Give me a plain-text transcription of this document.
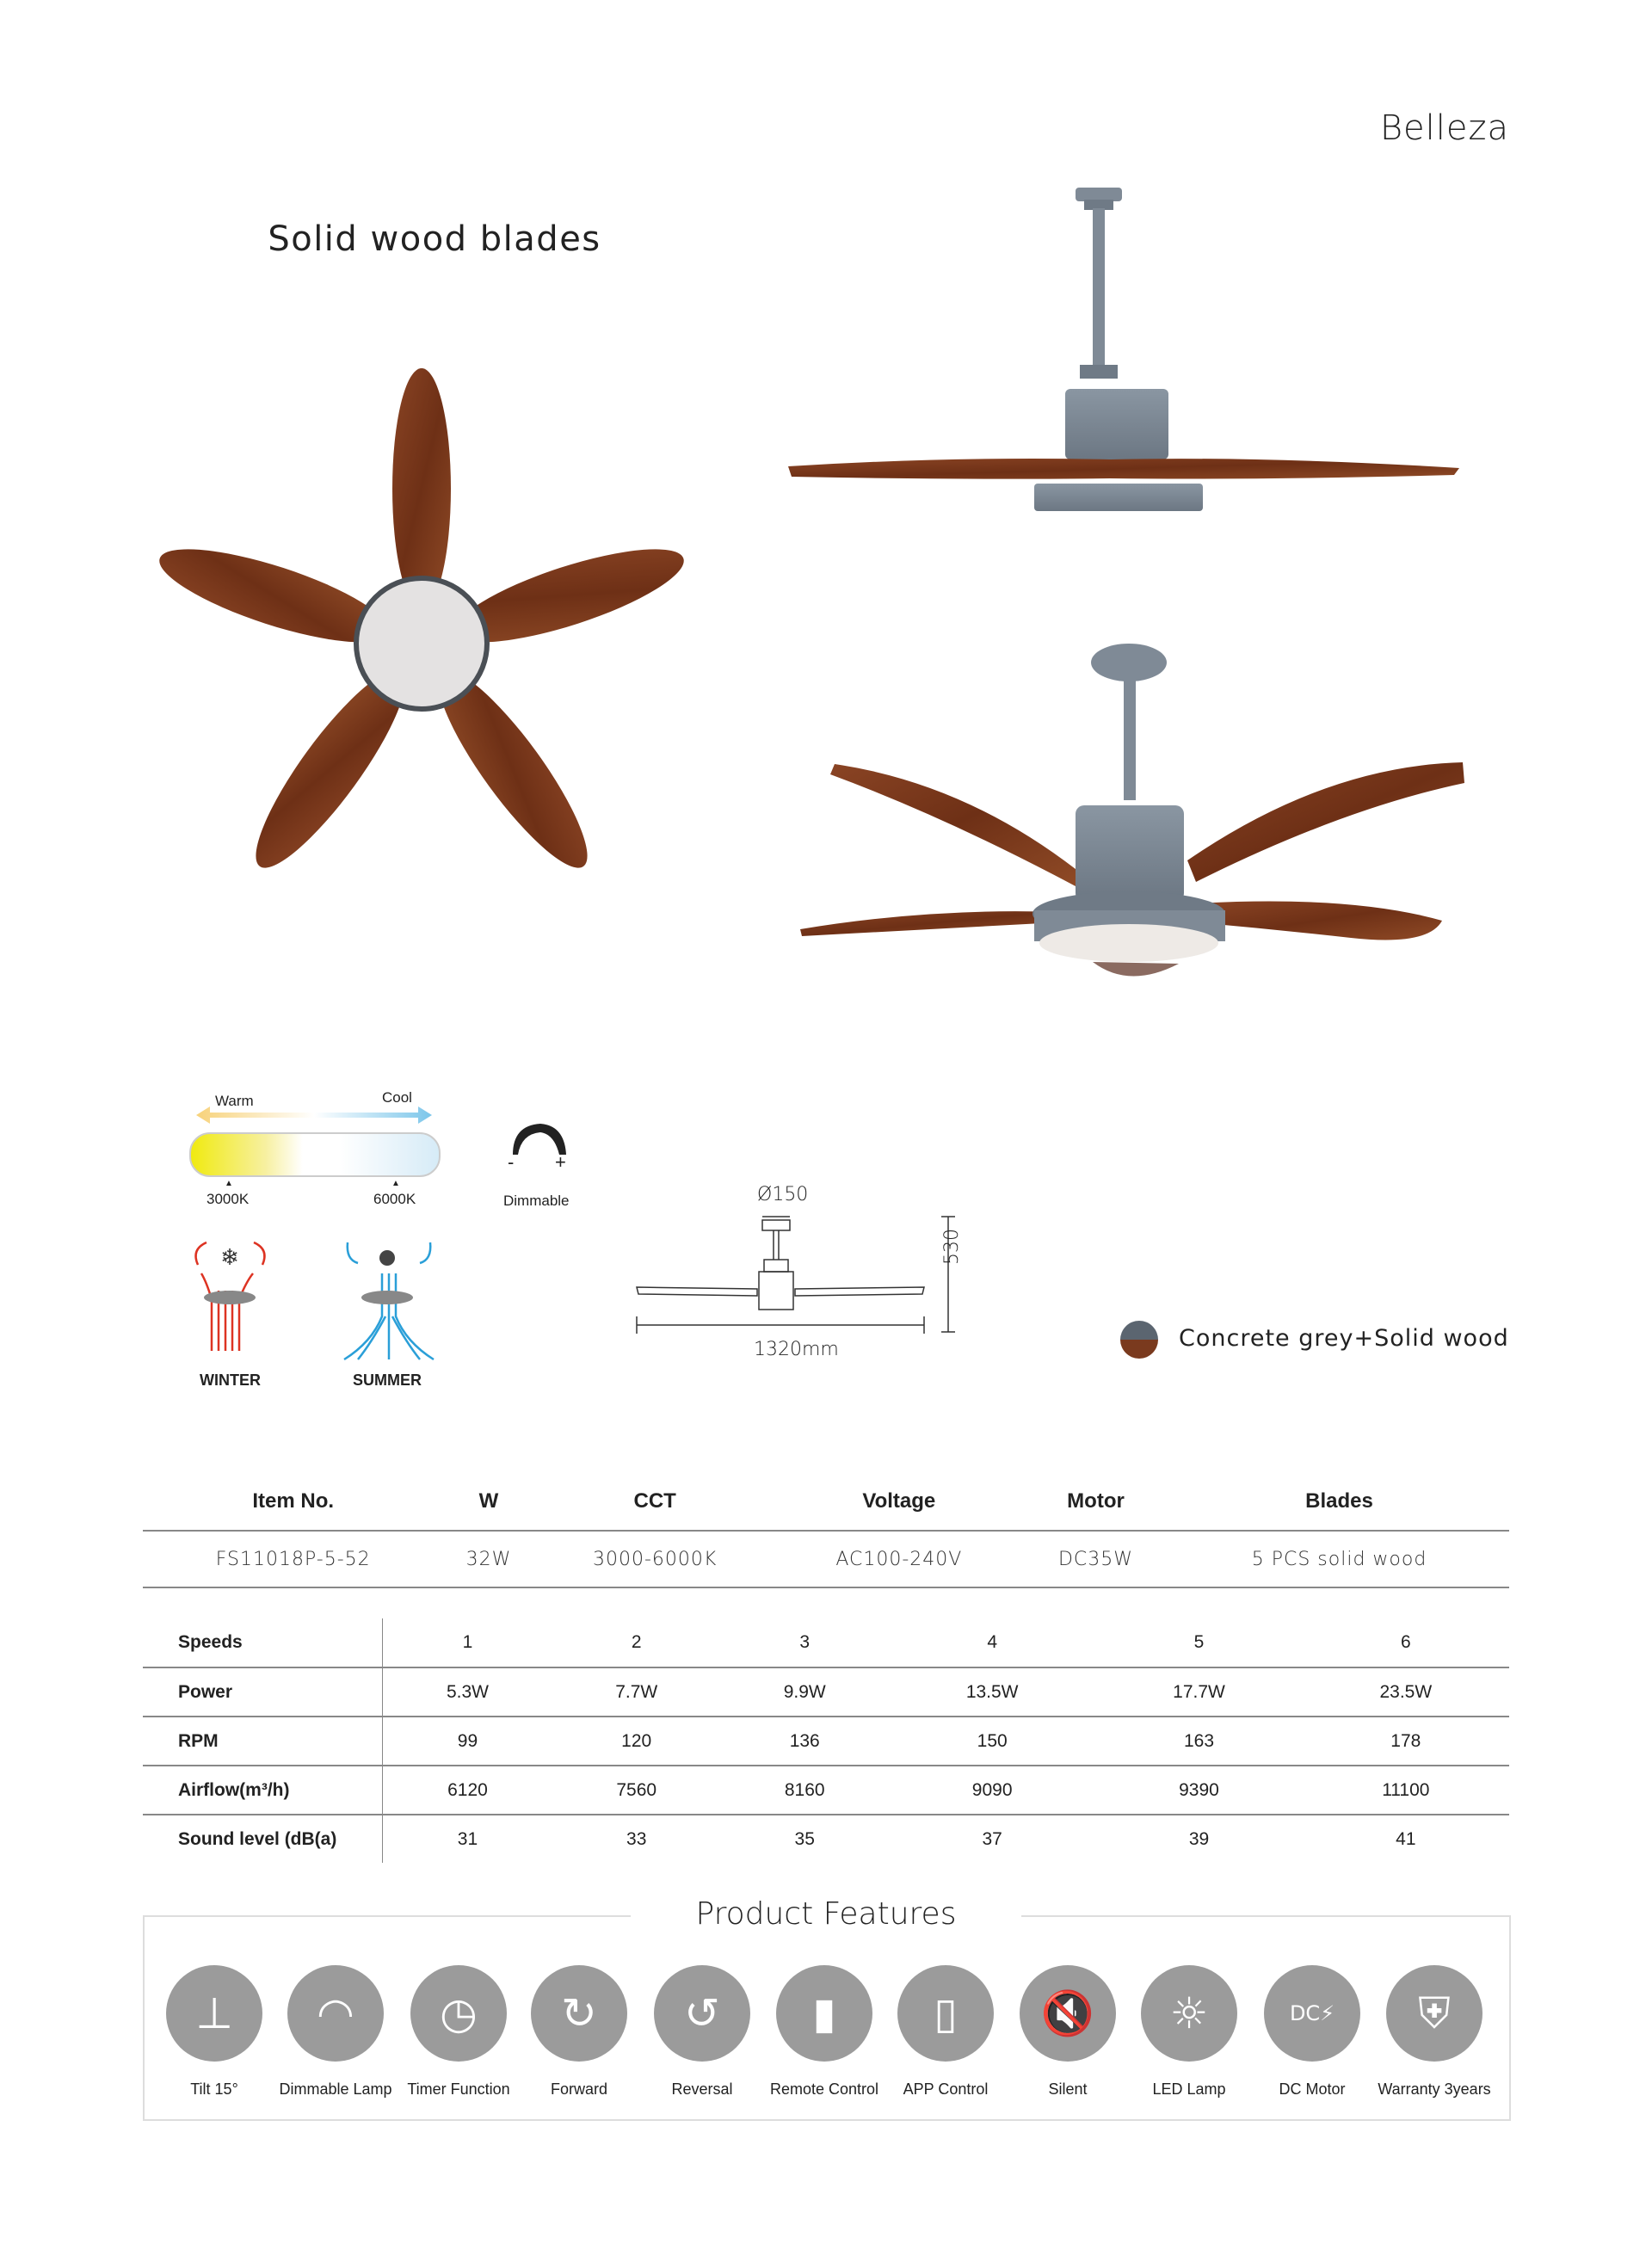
Belleza
Solid wood blades
Warm	Cool
▲	▲
3000K	6000K
- +
Dimmable
❄
WINTER	SUMMER
Ø150
530
1320mm	Concrete grey+Solid wood
Item No.	W	CCT	Voltage	Motor	Blades
FS11018P-5-52	32W	3000-6000K	AC100-240V	DC35W	5 PCS solid wood
Speeds	1	2	3	4	5	6
Power	5.3W	7.7W	9.9W	13.5W	17.7W	23.5W
RPM	99	120	136	150	163	178
Airflow(m³/h)	6120	7560	8160	9090	9390	11100
Sound level (dB(a)	31	33	35	37	39	41
Product Features
⊥
Tilt 15°
◠
Dimmable Lamp
◷
Timer Function
↻
Forward
↺
Reversal
▮
Remote Control
▯
APP Control
🔇
Silent
☼
LED Lamp
DC⚡
DC Motor
⛨
Warranty 3years
